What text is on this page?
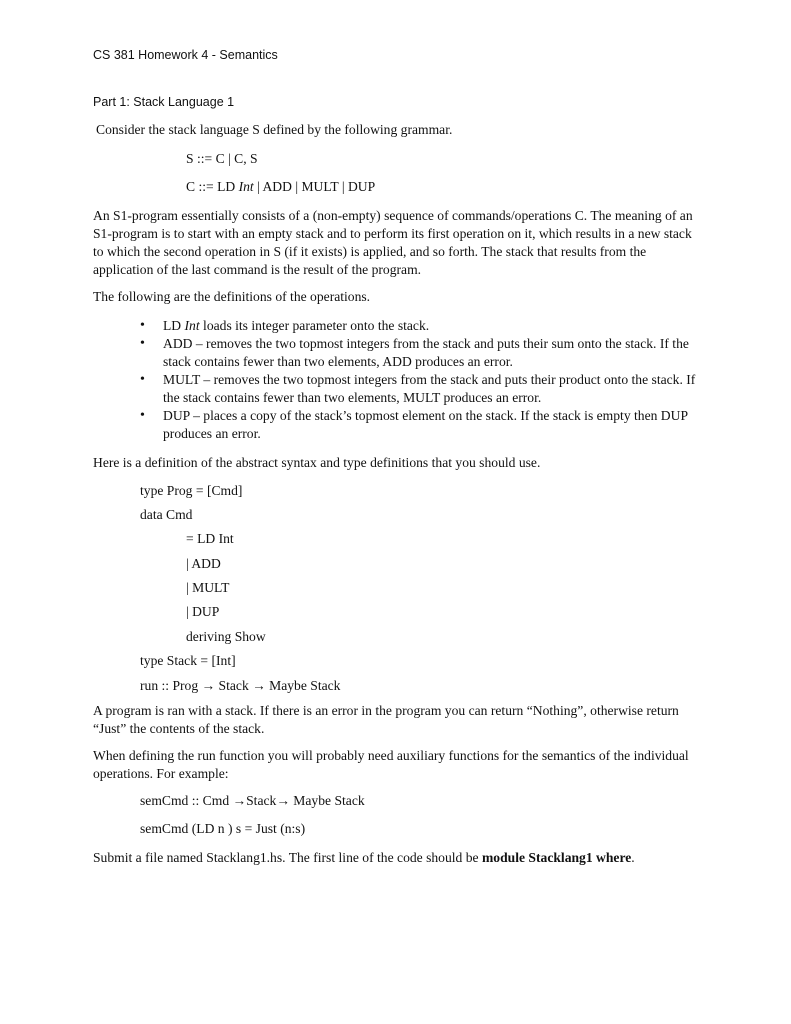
CS 381 Homework 4 - Semantics
Part 1: Stack Language 1
Consider the stack language S defined by the following grammar.
S ::= C | C, S
C ::= LD Int | ADD | MULT | DUP

An S1-program essentially consists of a (non-empty) sequence of commands/operations C. The meaning of an S1-program is to start with an empty stack and to perform its first operation on it, which results in a new stack to which the second operation in S (if it exists) is applied, and so forth. The stack that results from the application of the last command is the result of the program.

The following are the definitions of the operations.
• LD Int loads its integer parameter onto the stack.
• ADD – removes the two topmost integers from the stack and puts their sum onto the stack. If the stack contains fewer than two elements, ADD produces an error.
• MULT – removes the two topmost integers from the stack and puts their product onto the stack. If the stack contains fewer than two elements, MULT produces an error.
• DUP – places a copy of the stack’s topmost element on the stack. If the stack is empty then DUP produces an error.
Here is a definition of the abstract syntax and type definitions that you should use.
type Prog = [Cmd]
data Cmd
= LD Int
| ADD
| MULT
| DUP
deriving Show
type Stack = [Int]
run :: Prog → Stack → Maybe Stack

A program is ran with a stack. If there is an error in the program you can return “Nothing”, otherwise return “Just” the contents of the stack.

When defining the run function you will probably need auxiliary functions for the semantics of the individual operations. For example:

semCmd :: Cmd →Stack→ Maybe Stack
semCmd (LD n ) s = Just (n:s)
Submit a file named Stacklang1.hs. The first line of the code should be module Stacklang1 where.
